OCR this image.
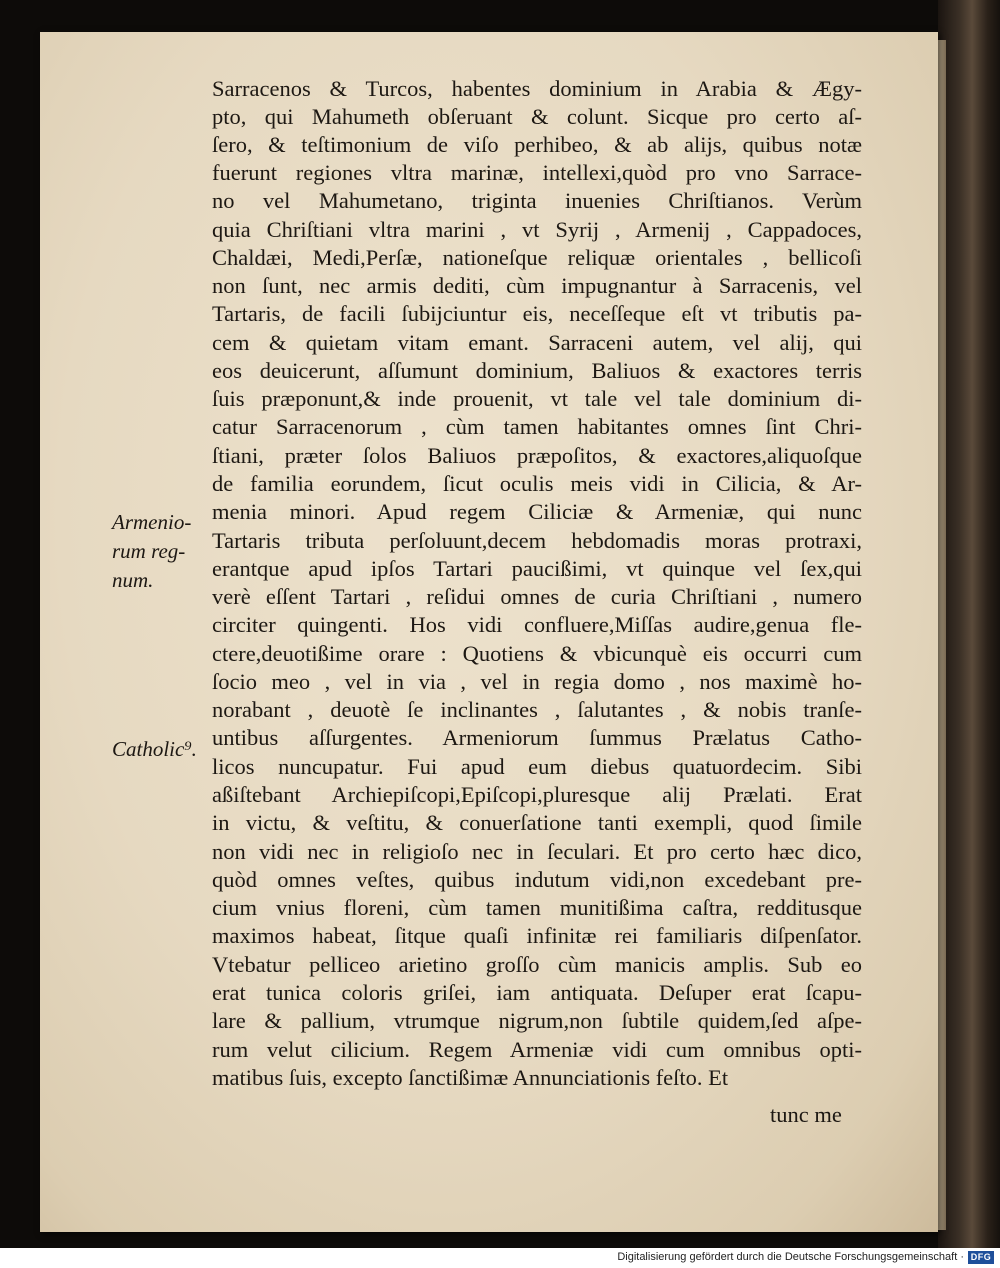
Sarracenos & Turcos, habentes dominium in Arabia & Ægy-
pto, qui Mahumeth obſeruant & colunt. Sicque pro certo aſ-
ſero, & teſtimonium de viſo perhibeo, & ab alijs, quibus notæ
fuerunt regiones vltra marinæ, intellexi,quòd pro vno Sarrace-
no vel Mahumetano, triginta inuenies Chriſtianos. Verùm
quia Chriſtiani vltra marini , vt Syrij , Armenij , Cappadoces,
Chaldæi, Medi,Perſæ, nationeſque reliquæ orientales , bellicoſi
non ſunt, nec armis dediti, cùm impugnantur à Sarracenis, vel
Tartaris, de facili ſubijciuntur eis, neceſſeque eſt vt tributis pa-
cem & quietam vitam emant. Sarraceni autem, vel alij, qui
eos deuicerunt, aſſumunt dominium, Baliuos & exactores terris
ſuis præponunt,& inde prouenit, vt tale vel tale dominium di-
catur Sarracenorum , cùm tamen habitantes omnes ſint Chri-
ſtiani, præter ſolos Baliuos præpoſitos, & exactores,aliquoſque
de familia eorundem, ſicut oculis meis vidi in Cilicia, & Ar-
menia minori. Apud regem Ciliciæ & Armeniæ, qui nunc
Tartaris tributa perſoluunt,decem hebdomadis moras protraxi,
erantque apud ipſos Tartari paucißimi, vt quinque vel ſex,qui
verè eſſent Tartari , reſidui omnes de curia Chriſtiani , numero
circiter quingenti. Hos vidi confluere,Miſſas audire,genua fle-
ctere,deuotißime orare : Quotiens & vbicunquè eis occurri cum
ſocio meo , vel in via , vel in regia domo , nos maximè ho-
norabant , deuotè ſe inclinantes , ſalutantes , & nobis tranſe-
untibus aſſurgentes. Armeniorum ſummus Prælatus Catho-
licos nuncupatur. Fui apud eum diebus quatuordecim. Sibi
aßiſtebant Archiepiſcopi,Epiſcopi,pluresque alij Prælati. Erat
in victu, & veſtitu, & conuerſatione tanti exempli, quod ſimile
non vidi nec in religioſo nec in ſeculari. Et pro certo hæc dico,
quòd omnes veſtes, quibus indutum vidi,non excedebant pre-
cium vnius floreni, cùm tamen munitißima caſtra, redditusque
maximos habeat, ſitque quaſi infinitæ rei familiaris diſpenſator.
Vtebatur pelliceo arietino groſſo cùm manicis amplis. Sub eo
erat tunica coloris griſei, iam antiquata. Deſuper erat ſcapu-
lare & pallium, vtrumque nigrum,non ſubtile quidem,ſed aſpe-
rum velut cilicium. Regem Armeniæ vidi cum omnibus opti-
matibus ſuis, excepto ſanctißimæ Annunciationis feſto. Et
tunc me
Armenio-
rum reg-
num.
Catholic⁹.
Digitalisierung gefördert durch die Deutsche Forschungsgemeinschaft · DFG
